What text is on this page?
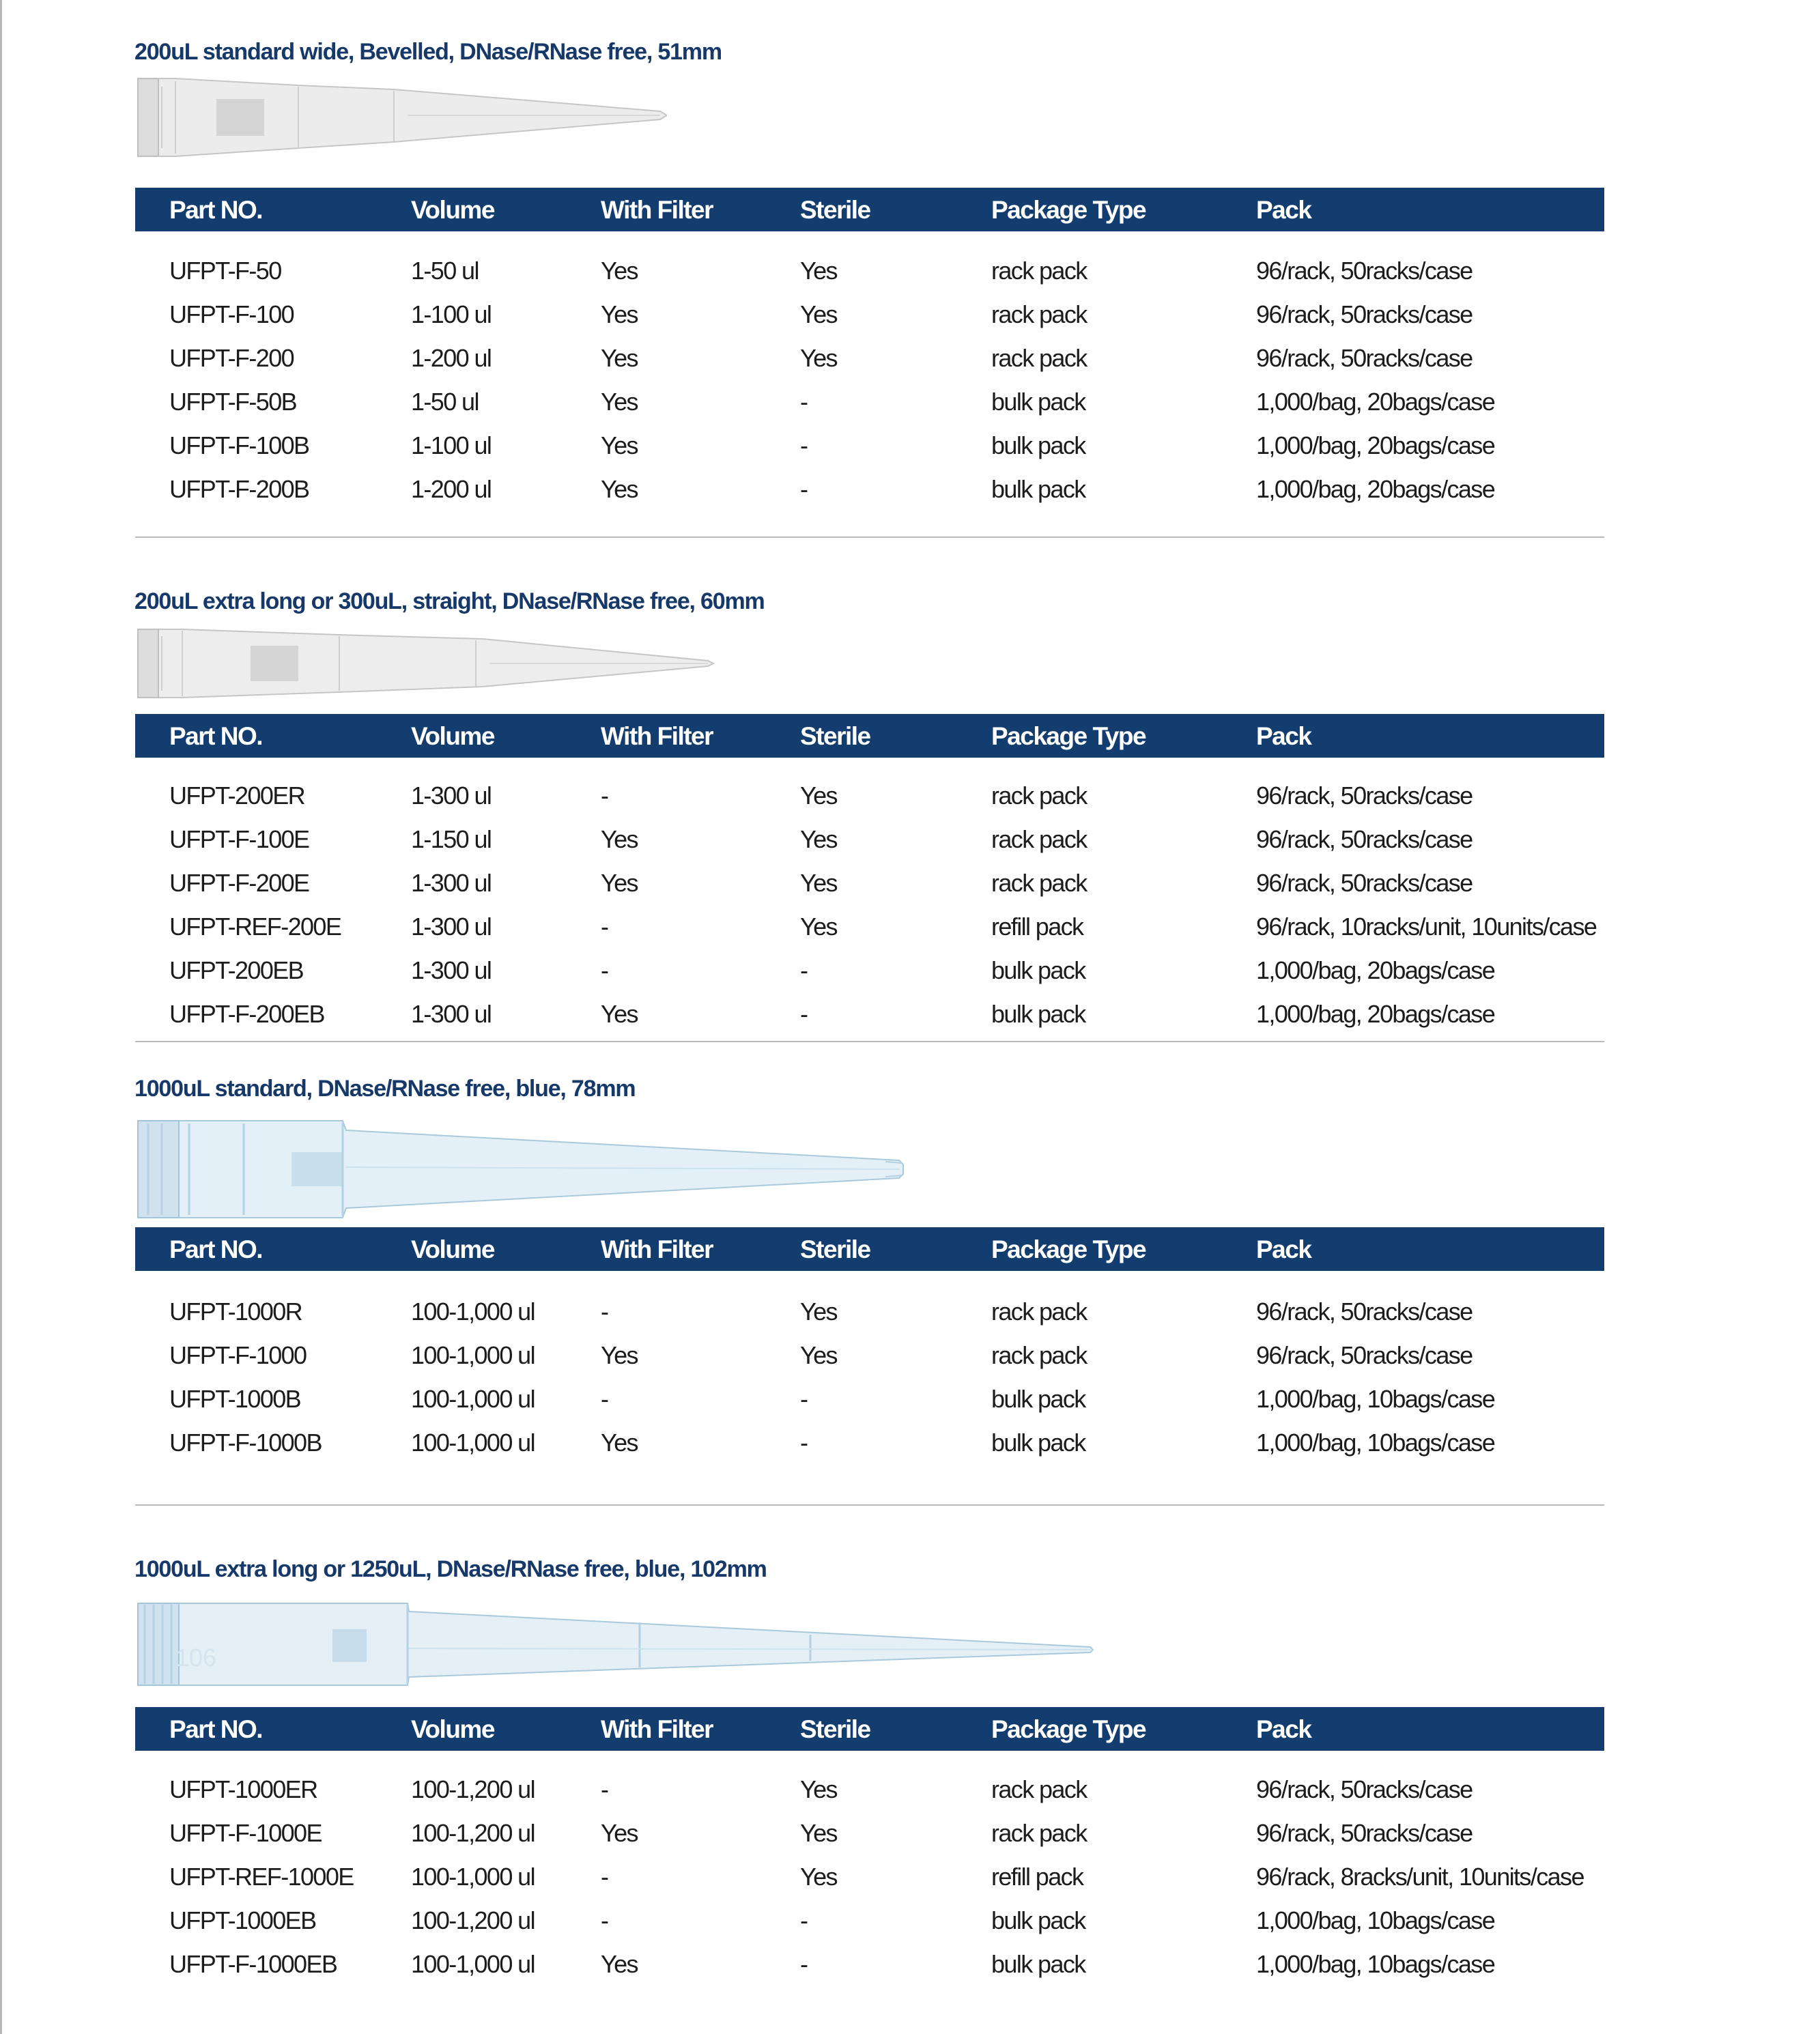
200uL standard wide, Bevelled, DNase/RNase free, 51mm
Part NO.	Volume	With Filter	Sterile	Package Type	Pack
UFPT-F-50	1-50 ul	Yes	Yes	rack pack	96/rack, 50racks/case
UFPT-F-100	1-100 ul	Yes	Yes	rack pack	96/rack, 50racks/case
UFPT-F-200	1-200 ul	Yes	Yes	rack pack	96/rack, 50racks/case
UFPT-F-50B	1-50 ul	Yes	-	bulk pack	1,000/bag, 20bags/case
UFPT-F-100B	1-100 ul	Yes	-	bulk pack	1,000/bag, 20bags/case
UFPT-F-200B	1-200 ul	Yes	-	bulk pack	1,000/bag, 20bags/case
200uL extra long or 300uL, straight, DNase/RNase free, 60mm
Part NO.	Volume	With Filter	Sterile	Package Type	Pack
UFPT-200ER	1-300 ul	-	Yes	rack pack	96/rack, 50racks/case
UFPT-F-100E	1-150 ul	Yes	Yes	rack pack	96/rack, 50racks/case
UFPT-F-200E	1-300 ul	Yes	Yes	rack pack	96/rack, 50racks/case
UFPT-REF-200E	1-300 ul	-	Yes	refill pack	96/rack, 10racks/unit, 10units/case
UFPT-200EB	1-300 ul	-	-	bulk pack	1,000/bag, 20bags/case
UFPT-F-200EB	1-300 ul	Yes	-	bulk pack	1,000/bag, 20bags/case
1000uL standard, DNase/RNase free, blue, 78mm
Part NO.	Volume	With Filter	Sterile	Package Type	Pack
UFPT-1000R	100-1,000 ul	-	Yes	rack pack	96/rack, 50racks/case
UFPT-F-1000	100-1,000 ul	Yes	Yes	rack pack	96/rack, 50racks/case
UFPT-1000B	100-1,000 ul	-	-	bulk pack	1,000/bag, 10bags/case
UFPT-F-1000B	100-1,000 ul	Yes	-	bulk pack	1,000/bag, 10bags/case
1000uL extra long or 1250uL, DNase/RNase free, blue, 102mm
106
Part NO.	Volume	With Filter	Sterile	Package Type	Pack
UFPT-1000ER	100-1,200 ul	-	Yes	rack pack	96/rack, 50racks/case
UFPT-F-1000E	100-1,200 ul	Yes	Yes	rack pack	96/rack, 50racks/case
UFPT-REF-1000E 100-1,000 ul	-	Yes	refill pack	96/rack, 8racks/unit, 10units/case
UFPT-1000EB	100-1,200 ul	-	-	bulk pack	1,000/bag, 10bags/case
UFPT-F-1000EB	100-1,000 ul	Yes	-	bulk pack	1,000/bag, 10bags/case
